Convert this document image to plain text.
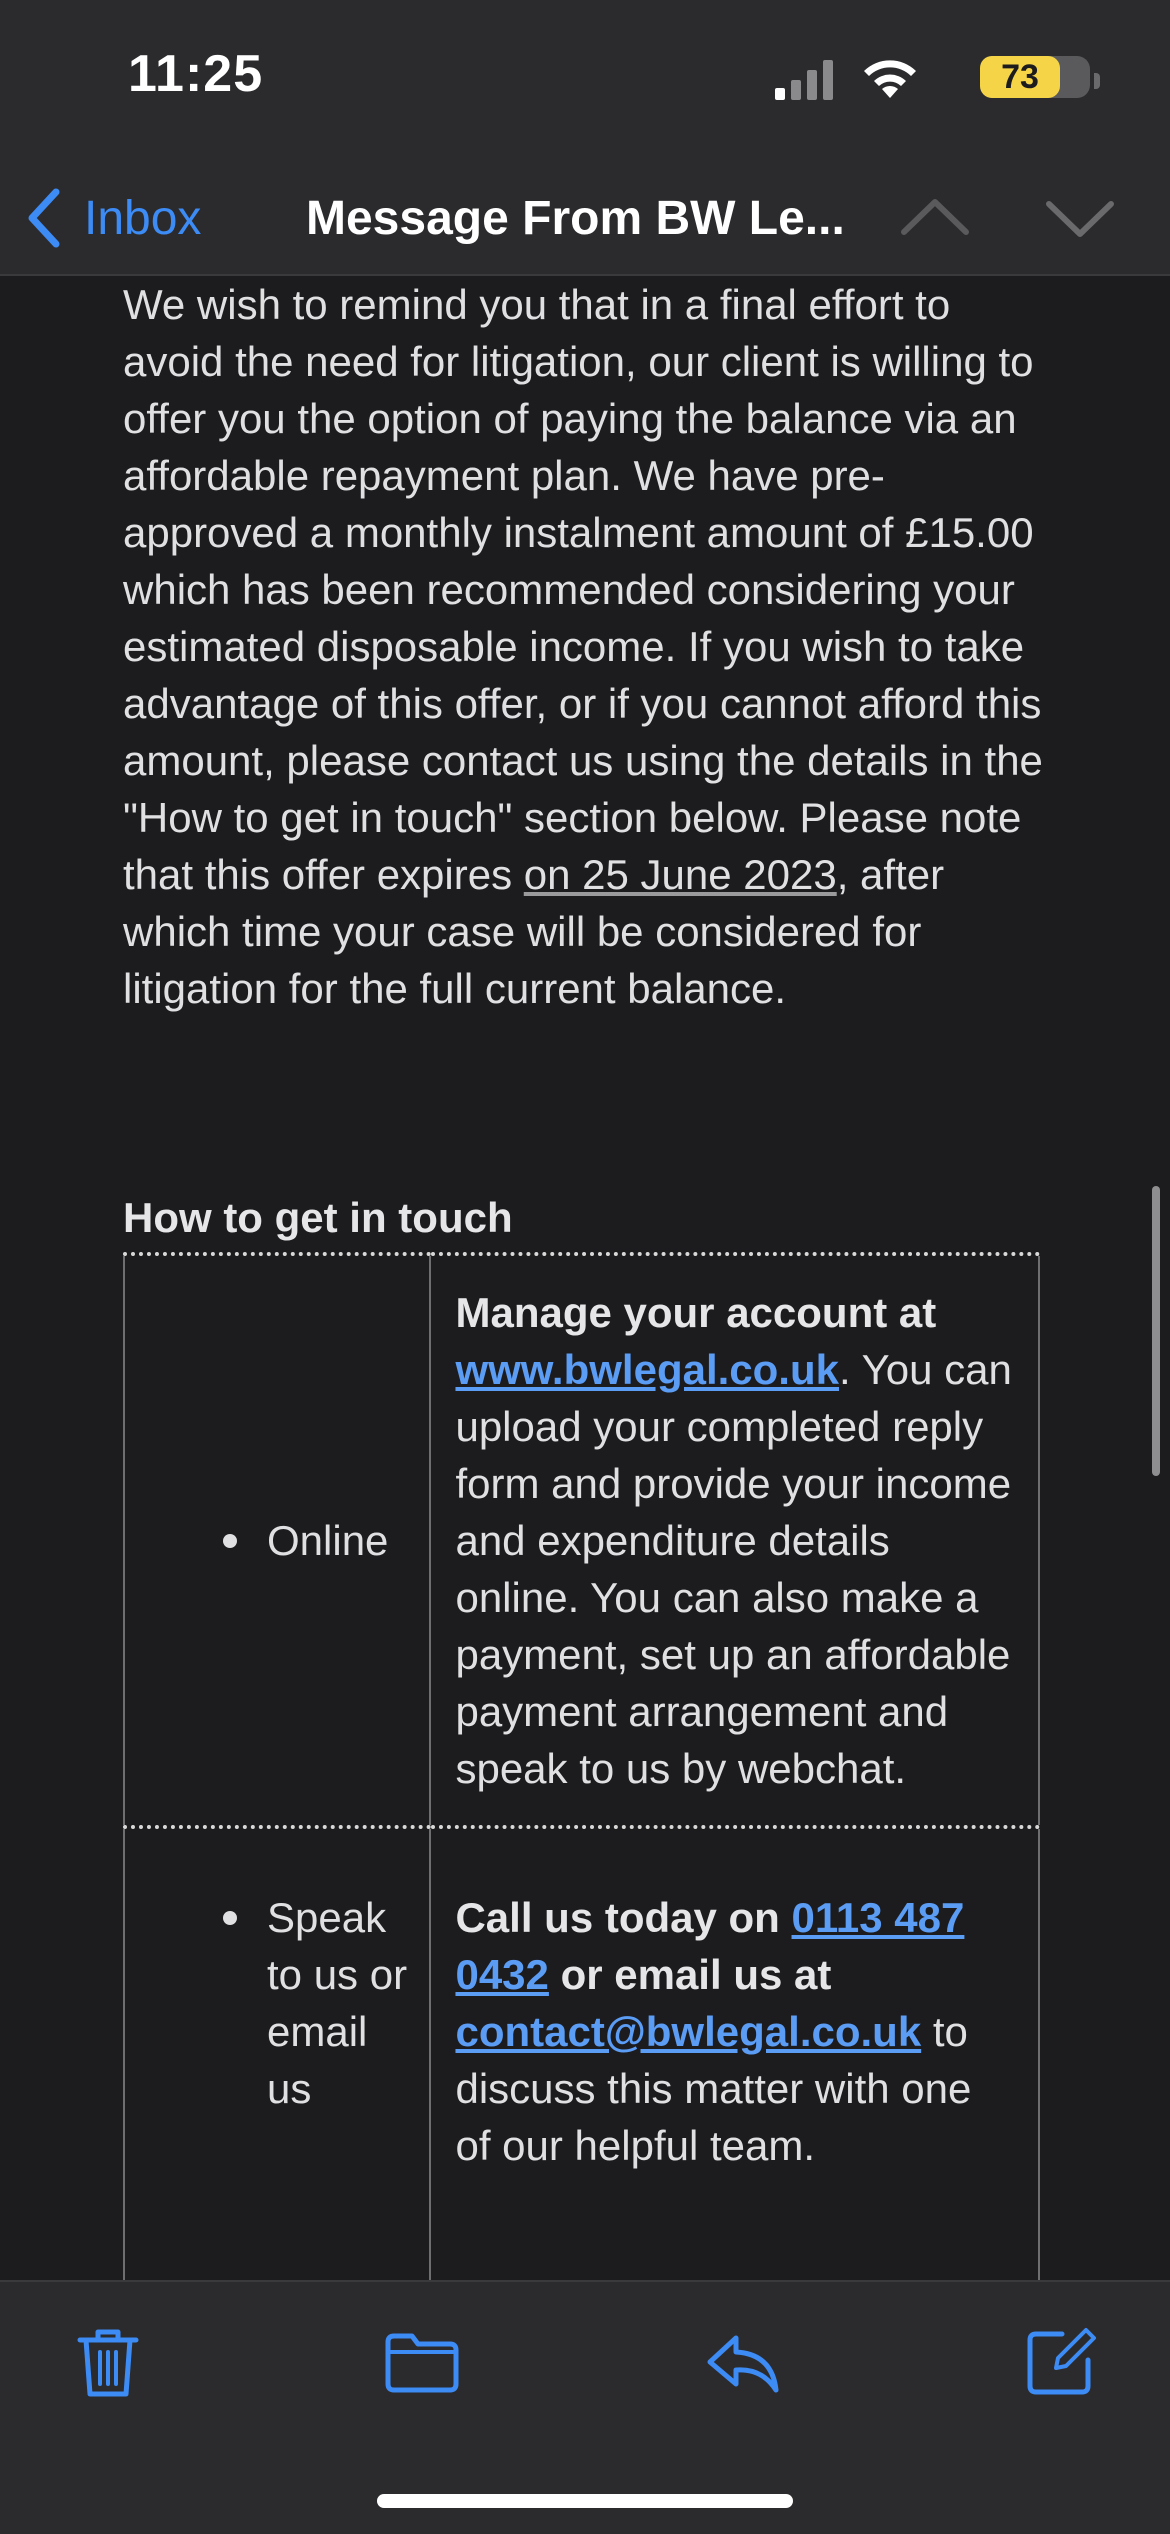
11:25	73
Inbox Message From BW Le...

We wish to remind you that in a final effort to avoid the need for litigation, our client is willing to offer you the option of paying the balance via an affordable repayment plan. We have pre-approved a monthly instalment amount of £15.00 which has been recommended considering your estimated disposable income. If you wish to take advantage of this offer, or if you cannot afford this amount, please contact us using the details in the "How to get in touch" section below. Please note that this offer expires on 25 June 2023, after which time your case will be considered for litigation for the full current balance.

How to get in touch
Online	Manage your account at www.bwlegal.co.uk. You can upload your completed reply form and provide your income and expenditure details online. You can also make a payment, set up an affordable payment arrangement and speak to us by webchat.

Speak to us or email us	Call us today on 0113 487 0432 or email us at contact@bwlegal.co.uk to discuss this matter with one of our helpful team.
